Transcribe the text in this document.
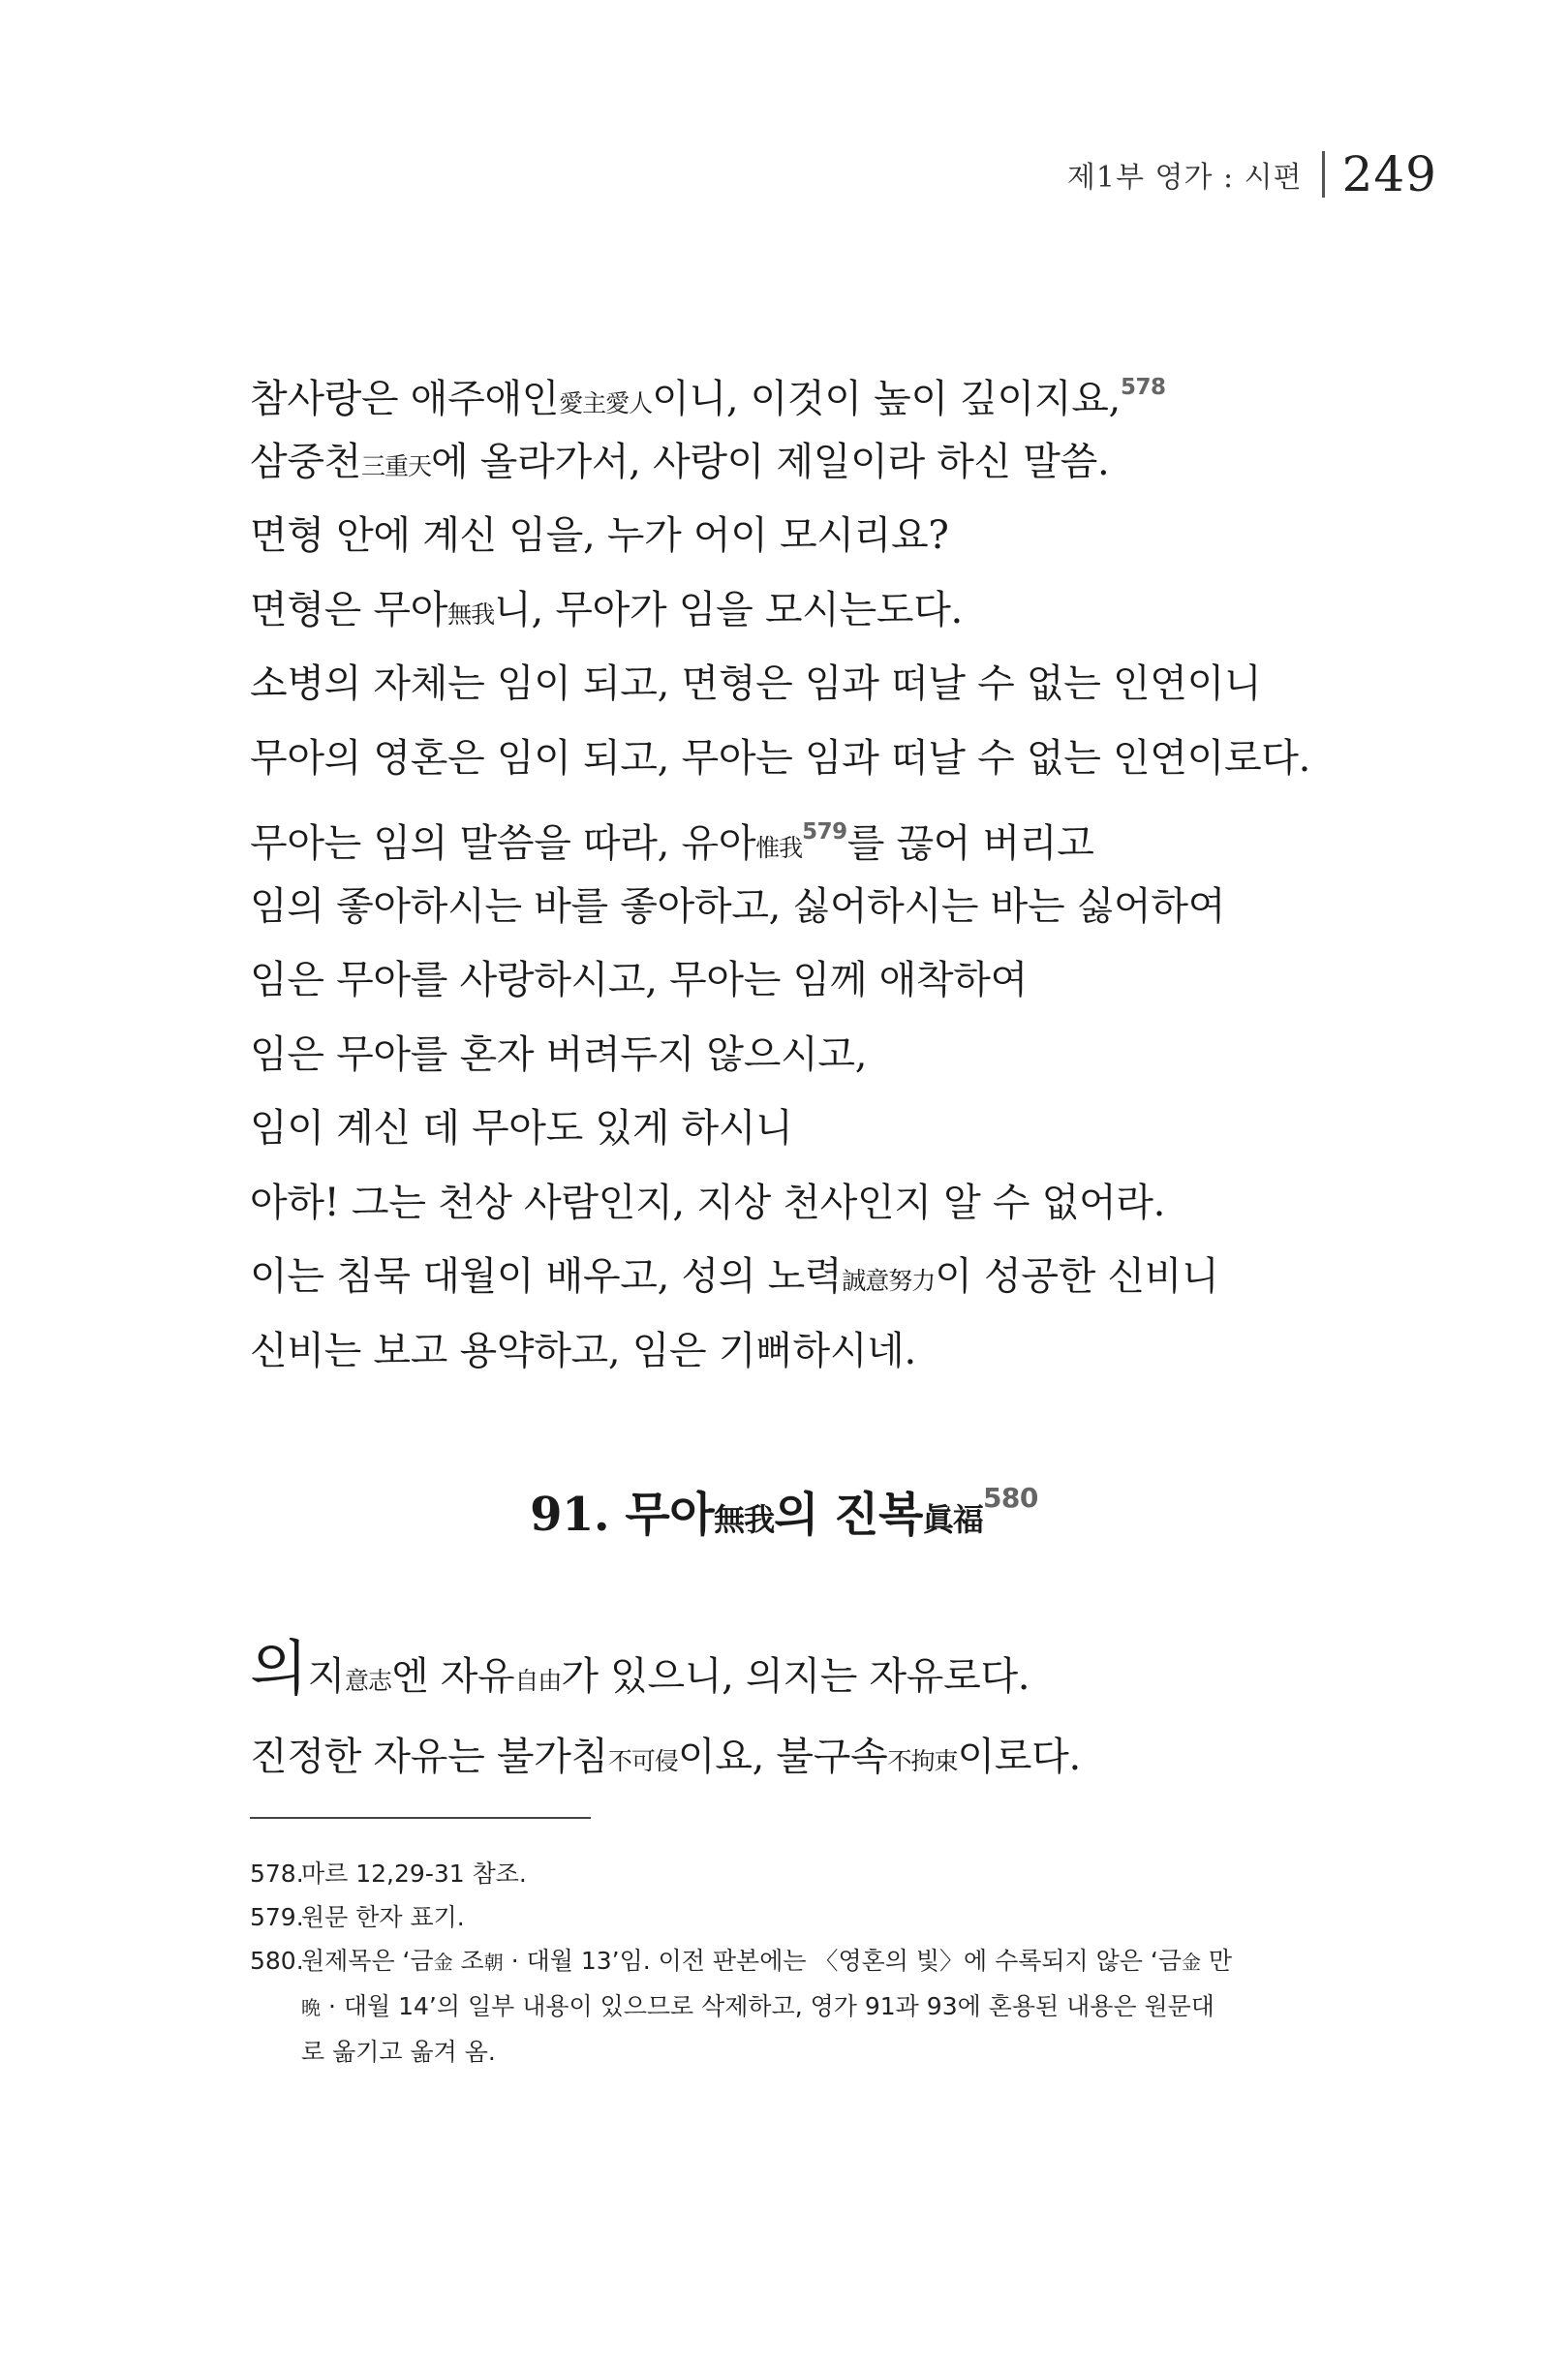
제1부 영가 : 시편 249
참사랑은 애주애인愛主愛人이니, 이것이 높이 깊이지요,$^{578}$
삼중천三重天에 올라가서, 사랑이 제일이라 하신 말씀.
면형 안에 계신 임을, 누가 어이 모시리요?
면형은 무아無我니, 무아가 임을 모시는도다.
소병의 자체는 임이 되고, 면형은 임과 떠날 수 없는 인연이니
무아의 영혼은 임이 되고, 무아는 임과 떠날 수 없는 인연이로다.
무아는 임의 말씀을 따라, 유아惟我$^{579}$를 끊어 버리고
임의 좋아하시는 바를 좋아하고, 싫어하시는 바는 싫어하여
임은 무아를 사랑하시고, 무아는 임께 애착하여
임은 무아를 혼자 버려두지 않으시고,
임이 계신 데 무아도 있게 하시니
아하! 그는 천상 사람인지, 지상 천사인지 알 수 없어라.
이는 침묵 대월이 배우고, 성의 노력誠意努力이 성공한 신비니
신비는 보고 용약하고, 임은 기뻐하시네.
91. 무아無我의 진복眞福$^{580}$
의지意志엔 자유自由가 있으니, 의지는 자유로다.
진정한 자유는 불가침不可侵이요, 불구속不拘束이로다.
578.
마르 12,29-31 참조.
579.
원문 한자 표기.
580.
원제목은 ‘금金 조朝 · 대월 13’임. 이전 판본에는 〈영혼의 빛〉에 수록되지 않은 ‘금金 만
晩 · 대월 14’의 일부 내용이 있으므로 삭제하고, 영가 91과 93에 혼용된 내용은 원문대
로 옮기고 옮겨 옴.
